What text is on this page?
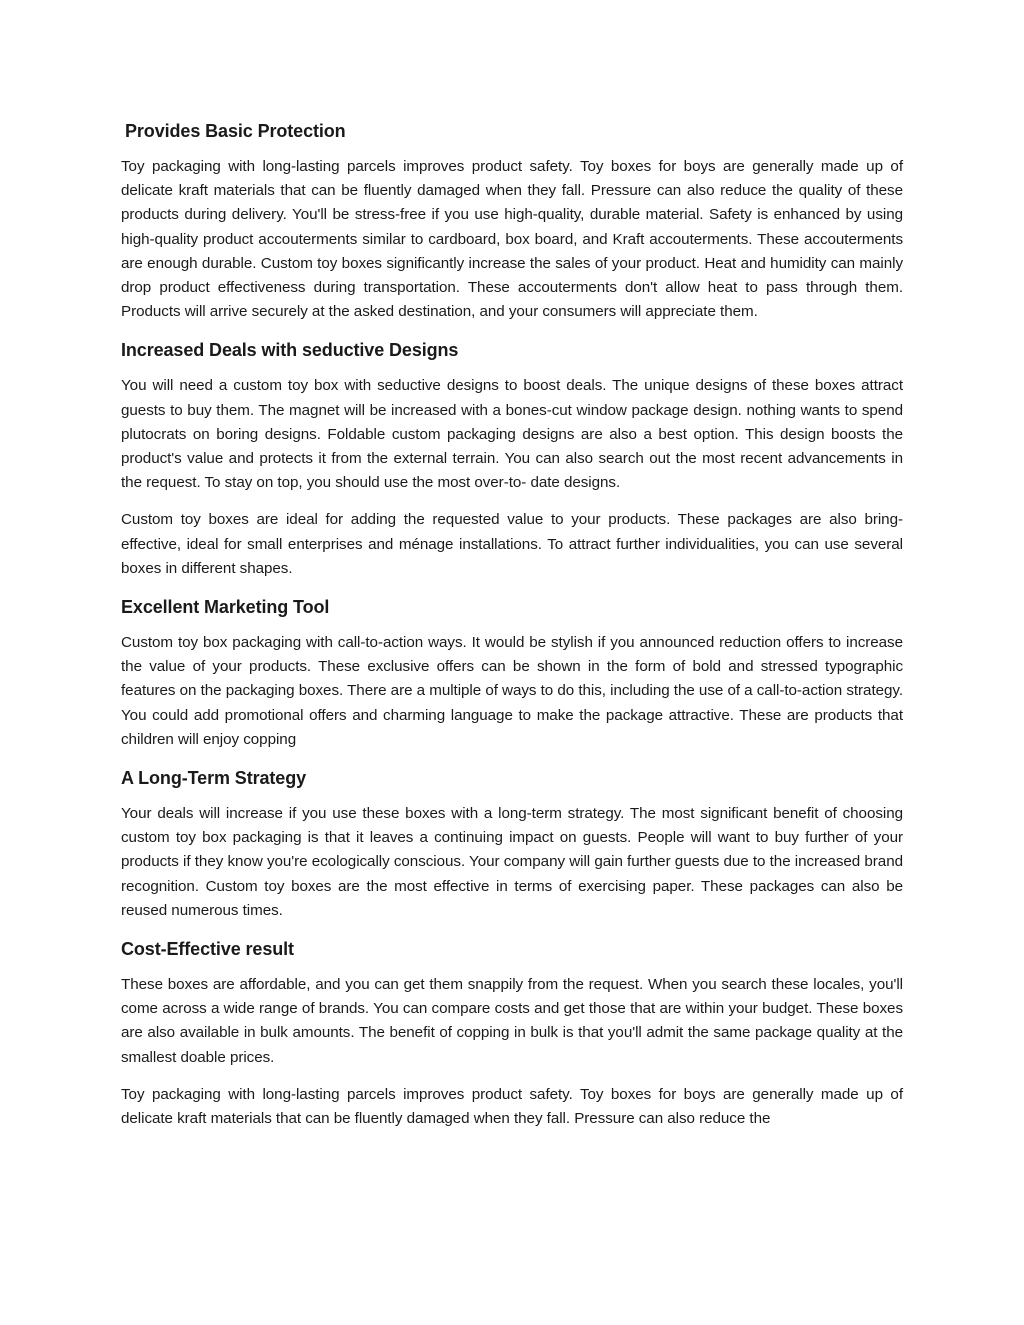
Provides Basic Protection

Toy packaging with long-lasting parcels improves product safety. Toy boxes for boys are generally made up of delicate kraft materials that can be fluently damaged when they fall. Pressure can also reduce the quality of these products during delivery. You'll be stress-free if you use high-quality, durable material. Safety is enhanced by using high-quality product accouterments similar to cardboard, box board, and Kraft accouterments. These accouterments are enough durable. Custom toy boxes significantly increase the sales of your product. Heat and humidity can mainly drop product effectiveness during transportation. These accouterments don't allow heat to pass through them. Products will arrive securely at the asked destination, and your consumers will appreciate them.

Increased Deals with seductive Designs

You will need a custom toy box with seductive designs to boost deals. The unique designs of these boxes attract guests to buy them. The magnet will be increased with a bones-cut window package design. nothing wants to spend plutocrats on boring designs. Foldable custom packaging designs are also a best option. This design boosts the product's value and protects it from the external terrain. You can also search out the most recent advancements in the request. To stay on top, you should use the most over-to- date designs.

Custom toy boxes are ideal for adding the requested value to your products. These packages are also bring-effective, ideal for small enterprises and ménage installations. To attract further individualities, you can use several boxes in different shapes.

Excellent Marketing Tool

Custom toy box packaging with call-to-action ways. It would be stylish if you announced reduction offers to increase the value of your products. These exclusive offers can be shown in the form of bold and stressed typographic features on the packaging boxes. There are a multiple of ways to do this, including the use of a call-to-action strategy. You could add promotional offers and charming language to make the package attractive. These are products that children will enjoy copping

A Long-Term Strategy

Your deals will increase if you use these boxes with a long-term strategy. The most significant benefit of choosing custom toy box packaging is that it leaves a continuing impact on guests. People will want to buy further of your products if they know you're ecologically conscious. Your company will gain further guests due to the increased brand recognition. Custom toy boxes are the most effective in terms of exercising paper. These packages can also be reused numerous times.

Cost-Effective result

These boxes are affordable, and you can get them snappily from the request. When you search these locales, you'll come across a wide range of brands. You can compare costs and get those that are within your budget. These boxes are also available in bulk amounts. The benefit of copping in bulk is that you'll admit the same package quality at the smallest doable prices.

Toy packaging with long-lasting parcels improves product safety. Toy boxes for boys are generally made up of delicate kraft materials that can be fluently damaged when they fall. Pressure can also reduce the
